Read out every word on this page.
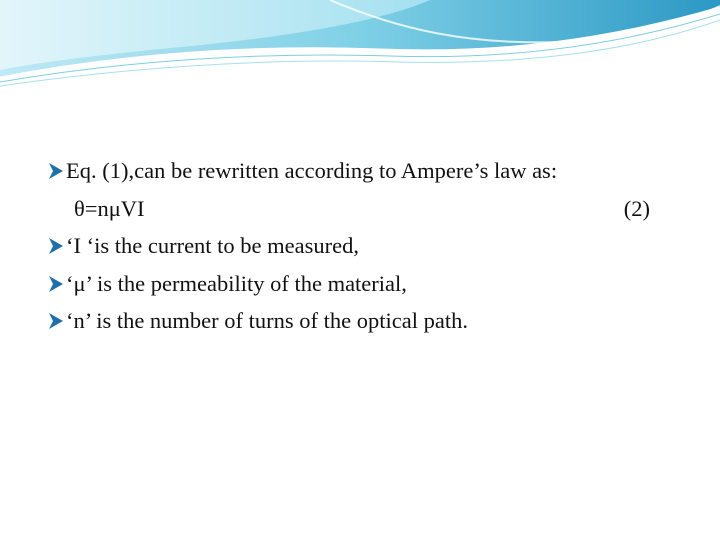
Eq. (1),can be rewritten according to Ampere’s law as:
θ=nμVI	(2)
‘I ‘is the current to be measured,
‘μ’ is the permeability of the material,
‘n’ is the number of turns of the optical path.
